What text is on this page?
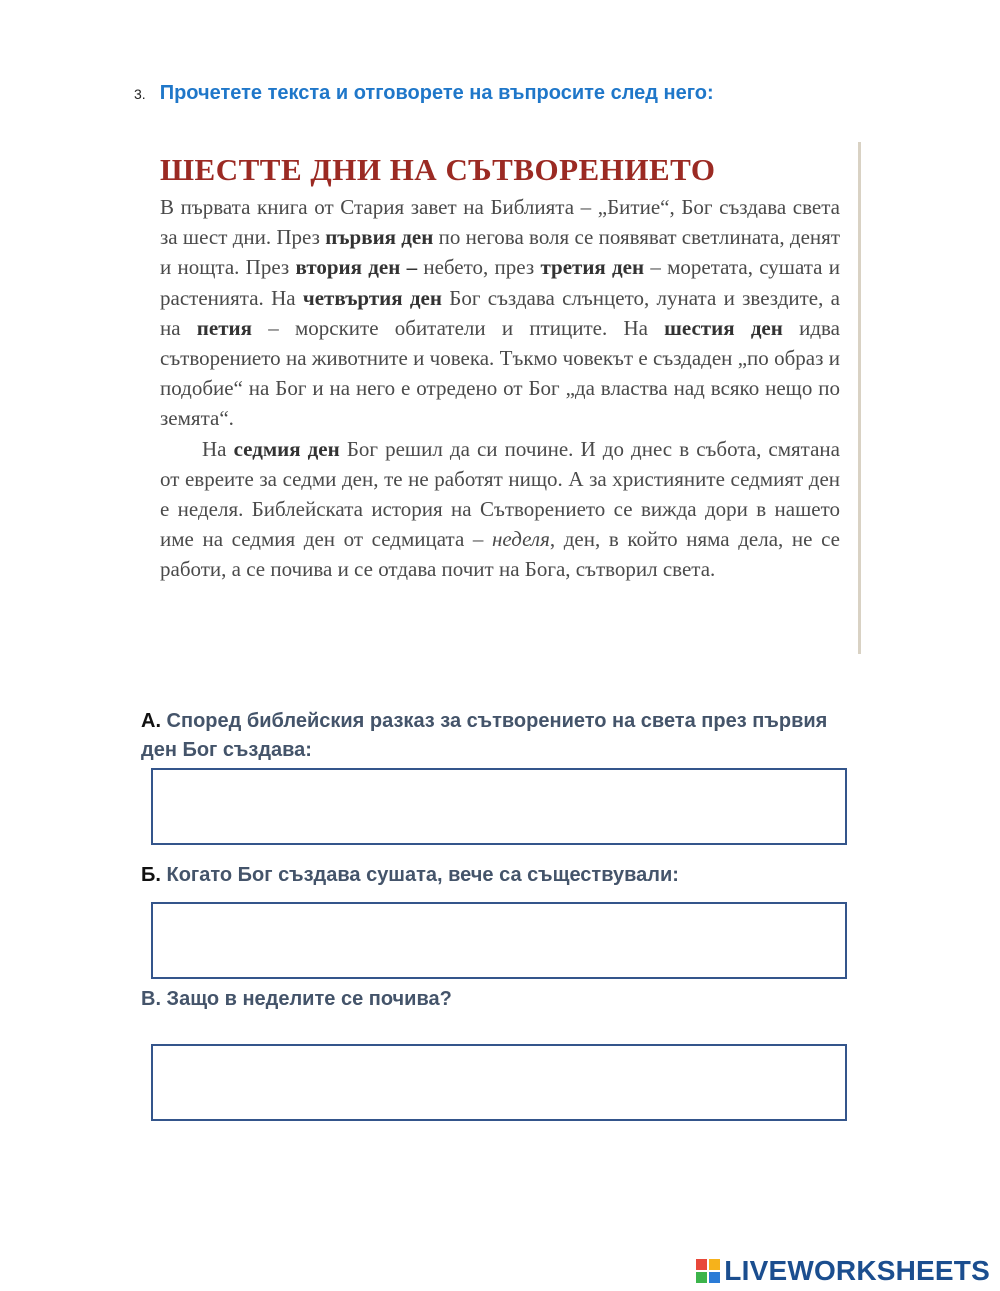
3. Прочетете текста и отговорете на въпросите след него:
ШЕСТТЕ ДНИ НА СЪТВОРЕНИЕТО

В първата книга от Стария завет на Библията – „Битие“, Бог създава света за шест дни. През първия ден по негова воля се появяват светлината, денят и нощта. През втория ден – небето, през третия ден – моретата, сушата и растенията. На четвъртия ден Бог създава слънцето, луната и звездите, а на петия – морските обитатели и птиците. На шестия ден идва сътворението на животните и човека. Тъкмо човекът е създаден „по образ и подобие“ на Бог и на него е отредено от Бог „да властва над всяко нещо по земята“.

На седмия ден Бог решил да си почине. И до днес в събота, смятана от евреите за седми ден, те не работят нищо. А за християните седмият ден е неделя. Библейската история на Сътворението се вижда дори в нашето име на седмия ден от седмицата – неделя, ден, в който няма дела, не се работи, а се почива и се отдава почит на Бога, сътворил света.

А. Според библейския разказ за сътворението на света през първия ден Бог създава:
Б. Когато Бог създава сушата, вече са съществували:
В. Защо в неделите се почива?
LIVEWORKSHEETS
